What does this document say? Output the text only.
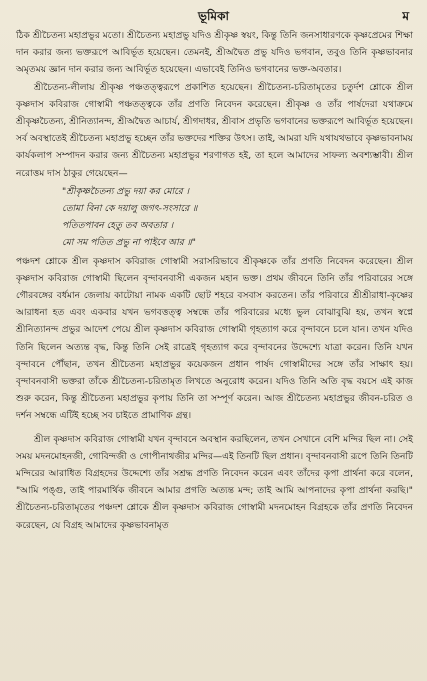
ভূমিকা	ম

ঠিক শ্রীচৈতন্য মহাপ্রভুর মতো। শ্রীচৈতন্য মহাপ্রভু যদিও শ্রীকৃষ্ণ স্বয়ং, কিন্তু তিনি জনসাধারণকে কৃষ্ণপ্রেমের শিক্ষা দান করার জন্য ভক্তরূপে আবির্ভূত হয়েছেন। তেমনই, শ্রীঅদ্বৈত প্রভু যদিও ভগবান, তবুও তিনি কৃষ্ণভাবনার অমৃতময় জ্ঞান দান করার জন্য আবির্ভূত হয়েছেন। এভাবেই তিনিও ভগবানের ভক্ত-অবতার।

শ্রীচৈতন্য-লীলায় শ্রীকৃষ্ণ পঞ্চতত্ত্বরূপে প্রকাশিত হয়েছেন। শ্রীচৈতন্য-চরিতামৃতের চতুর্দশ শ্লোকে শ্রীল কৃষ্ণদাস কবিরাজ গোস্বামী পঞ্চতত্ত্বকে তাঁর প্রণতি নিবেদন করেছেন। শ্রীকৃষ্ণ ও তাঁর পার্ষদেরা যথাক্রমে শ্রীকৃষ্ণচৈতন্য, শ্রীনিত্যানন্দ, শ্রীঅদ্বৈত আচার্য, শ্রীগদাধর, শ্রীবাস প্রভৃতি ভগবানের ভক্তরূপে আবির্ভূত হয়েছেন। সর্ব অবস্থাতেই শ্রীচৈতন্য মহাপ্রভু হচ্ছেন তাঁর ভক্তদের শক্তির উৎস। তাই, আমরা যদি যথাযথভাবে কৃষ্ণভাবনাময় কার্যকলাপ সম্পাদন করার জন্য শ্রীচৈতন্য মহাপ্রভুর শরণাগত হই, তা হলে আমাদের সাফল্য অবশ্যম্ভাবী। শ্রীল নরোত্তম দাস ঠাকুর গেয়েছেন—

"শ্রীকৃষ্ণচৈতন্য প্রভু দয়া কর মোরে ।
তোমা বিনা কে দয়ালু জগৎ-সংসারে ॥
পতিতপাবন হেতু তব অবতার ।
মো সম পতিত প্রভু না পাইবে আর ॥"

পঞ্চদশ শ্লোকে শ্রীল কৃষ্ণদাস কবিরাজ গোস্বামী সরাসরিভাবে শ্রীকৃষ্ণকে তাঁর প্রণতি নিবেদন করেছেন। শ্রীল কৃষ্ণদাস কবিরাজ গোস্বামী ছিলেন বৃন্দাবনবাসী একজন মহান ভক্ত। প্রথম জীবনে তিনি তাঁর পরিবারের সঙ্গে গৌরবঙ্গের বর্ধমান জেলায় কাটোয়া নামক একটি ছোট শহরে বসবাস করতেন। তাঁর পরিবারে শ্রীশ্রীরাধা-কৃষ্ণের আরাধনা হত এবং একবার যখন ভগবত্তত্ত্ব সম্বন্ধে তাঁর পরিবারের মধ্যে ভুল বোঝাবুঝি হয়, তখন স্বপ্নে শ্রীনিত্যানন্দ প্রভুর আদেশ পেয়ে শ্রীল কৃষ্ণদাস কবিরাজ গোস্বামী গৃহত্যাগ করে বৃন্দাবনে চলে যান। তখন যদিও তিনি ছিলেন অত্যন্ত বৃদ্ধ, কিন্তু তিনি সেই রাত্রেই গৃহত্যাগ করে বৃন্দাবনের উদ্দেশ্যে যাত্রা করেন। তিনি যখন বৃন্দাবনে পৌঁছান, তখন শ্রীচৈতন্য মহাপ্রভুর কয়েকজন প্রধান পার্ষদ গোস্বামীদের সঙ্গে তাঁর সাক্ষাৎ হয়। বৃন্দাবনবাসী ভক্তরা তাঁকে শ্রীচৈতন্য-চরিতামৃত লিখতে অনুরোধ করেন। যদিও তিনি অতি বৃদ্ধ বয়সে এই কাজ শুরু করেন, কিন্তু শ্রীচৈতন্য মহাপ্রভুর কৃপায় তিনি তা সম্পূর্ণ করেন। আজ শ্রীচৈতন্য মহাপ্রভুর জীবন-চরিত ও দর্শন সম্বন্ধে এটিই হচ্ছে সব চাইতে প্রামাণিক গ্রন্থ।

শ্রীল কৃষ্ণদাস কবিরাজ গোস্বামী যখন বৃন্দাবনে অবস্থান করছিলেন, তখন সেখানে বেশি মন্দির ছিল না। সেই সময় মদনমোহনজী, গোবিন্দজী ও গোপীনাথজীর মন্দির—এই তিনটি ছিল প্রধান। বৃন্দাবনবাসী রূপে তিনি তিনটি মন্দিরের আরাধিত বিগ্রহদের উদ্দেশ্যে তাঁর সশ্রদ্ধ প্রণতি নিবেদন করেন এবং তাঁদের কৃপা প্রার্থনা করে বলেন, "আমি পঙ্গু, তাই পারমার্থিক জীবনে আমার প্রগতি অত্যন্ত মন্দ; তাই আমি আপনাদের কৃপা প্রার্থনা করছি।" শ্রীচৈতন্য-চরিতামৃতের পঞ্চদশ শ্লোকে শ্রীল কৃষ্ণদাস কবিরাজ গোস্বামী মদনমোহন বিগ্রহকে তাঁর প্রণতি নিবেদন করেছেন, যে বিগ্রহ আমাদের কৃষ্ণভাবনামৃত
